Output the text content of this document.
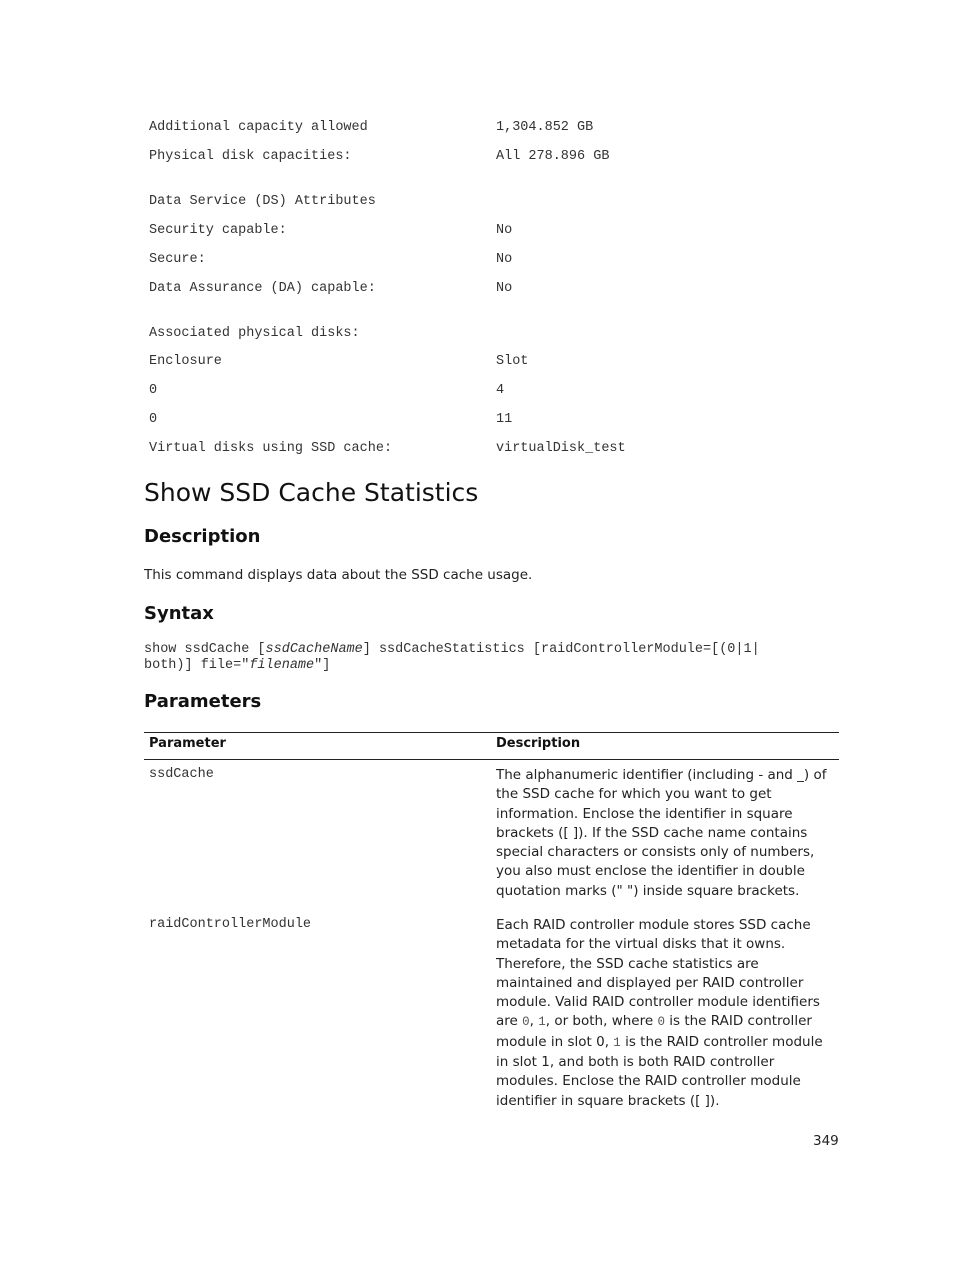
Additional capacity allowed	1,304.852 GB
Physical disk capacities:	All 278.896 GB
Data Service (DS) Attributes
Security capable:	No
Secure:	No
Data Assurance (DA) capable:	No
Associated physical disks:
Enclosure	Slot
0	4
0	11
Virtual disks using SSD cache:	virtualDisk_test
Show SSD Cache Statistics
Description

This command displays data about the SSD cache usage.

Syntax
show ssdCache [ssdCacheName] ssdCacheStatistics [raidControllerModule=[(0|1|
both)] file="filename"]
Parameters
Parameter	Description
ssdCache	The alphanumeric identifier (including - and _) of the SSD cache for which you want to get information. Enclose the identifier in square brackets ([ ]). If the SSD cache name contains special characters or consists only of numbers, you also must enclose the identifier in double quotation marks (" ") inside square brackets.
raidControllerModule	Each RAID controller module stores SSD cache metadata for the virtual disks that it owns. Therefore, the SSD cache statistics are maintained and displayed per RAID controller module. Valid RAID controller module identifiers are 0, 1, or both, where 0 is the RAID controller module in slot 0, 1 is the RAID controller module in slot 1, and both is both RAID controller modules. Enclose the RAID controller module identifier in square brackets ([ ]).
349
